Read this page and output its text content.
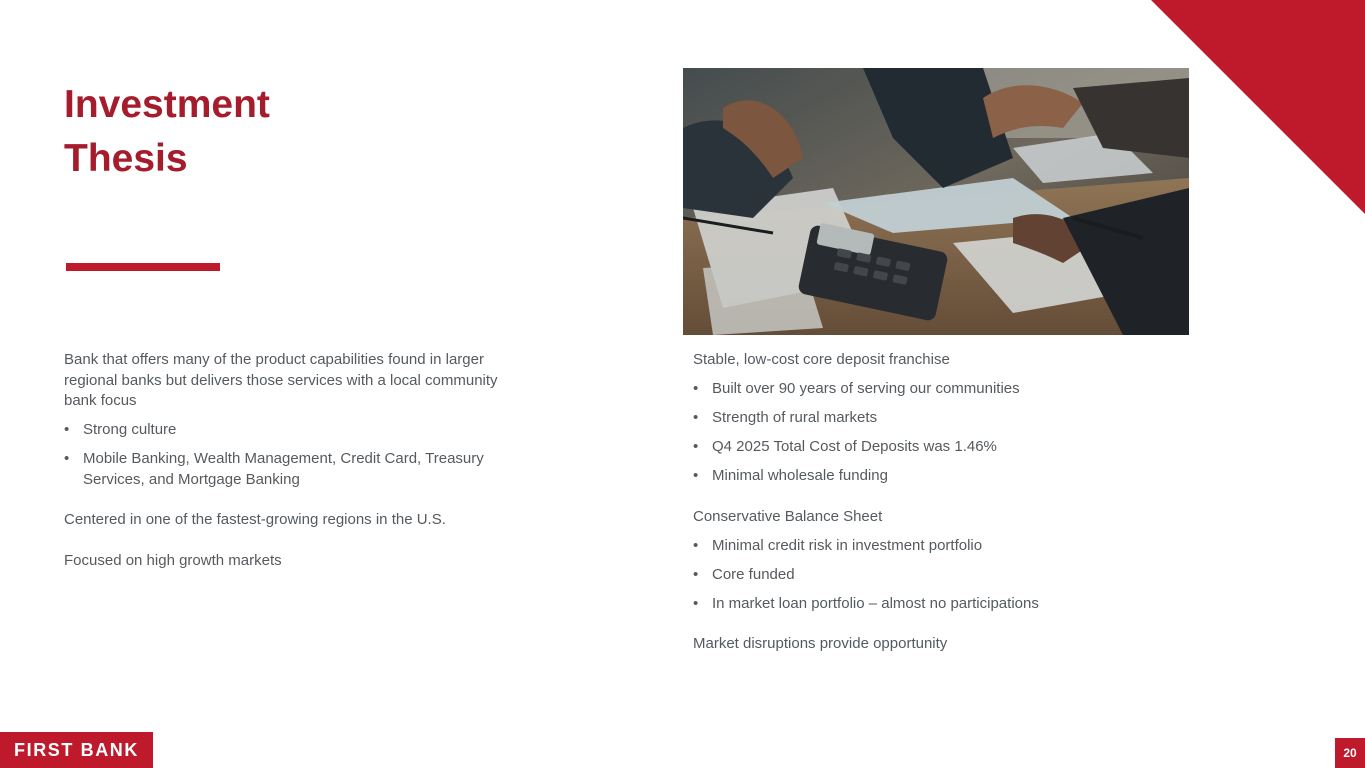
Investment
Thesis

Bank that offers many of the product capabilities found in larger regional banks but delivers those services with a local community bank focus

• Strong culture
• Mobile Banking, Wealth Management, Credit Card, Treasury Services, and Mortgage Banking

Centered in one of the fastest-growing regions in the U.S.

Focused on high growth markets

Stable, low-cost core deposit franchise

• Built over 90 years of serving our communities
• Strength of rural markets
• Q4 2025 Total Cost of Deposits was 1.46%
• Minimal wholesale funding

Conservative Balance Sheet

• Minimal credit risk in investment portfolio
• Core funded
• In market loan portfolio – almost no participations

Market disruptions provide opportunity

FIRST BANK	20
